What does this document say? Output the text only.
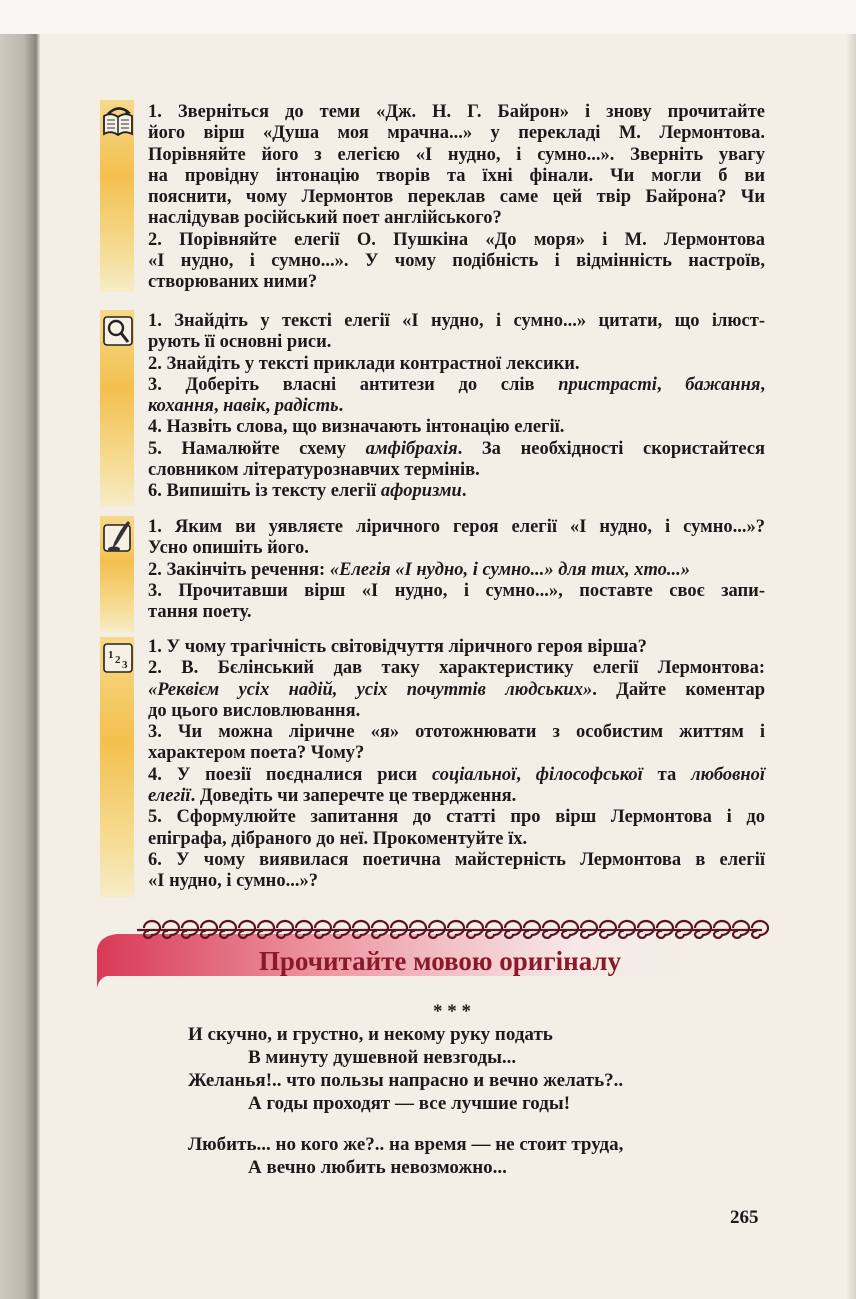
1 2 3
1. Зверніться до теми «Дж. Н. Г. Байрон» і знову прочитайте
його вірш «Душа моя мрачна...» у перекладі М. Лермонтова.
Порівняйте його з елегією «І нудно, і сумно...». Зверніть увагу
на провідну інтонацію творів та їхні фінали. Чи могли б ви
пояснити, чому Лермонтов переклав саме цей твір Байрона? Чи
наслідував російський поет англійського?
2. Порівняйте елегії О. Пушкіна «До моря» і М. Лермонтова
«І нудно, і сумно...». У чому подібність і відмінність настроїв,
створюваних ними?
1. Знайдіть у тексті елегії «І нудно, і сумно...» цитати, що ілюст-
рують її основні риси.
2. Знайдіть у тексті приклади контрастної лексики.
3. Доберіть власні антитези до слів пристрасті, бажання,
кохання, навік, радість.
4. Назвіть слова, що визначають інтонацію елегії.
5. Намалюйте схему амфібрахія. За необхідності скористайтеся
словником літературознавчих термінів.
6. Випишіть із тексту елегії афоризми.
1. Яким ви уявляєте ліричного героя елегії «І нудно, і сумно...»?
Усно опишіть його.
2. Закінчіть речення: «Елегія «І нудно, і сумно...» для тих, хто...»
3. Прочитавши вірш «І нудно, і сумно...», поставте своє запи-
тання поету.
1. У чому трагічність світовідчуття ліричного героя вірша?
2. В. Бєлінський дав таку характеристику елегії Лермонтова:
«Реквієм усіх надій, усіх почуттів людських». Дайте коментар
до цього висловлювання.
3. Чи можна ліричне «я» ототожнювати з особистим життям і
характером поета? Чому?
4. У поезії поєдналися риси соціальної, філософської та любовної
елегії. Доведіть чи заперечте це твердження.
5. Сформулюйте запитання до статті про вірш Лермонтова і до
епіграфа, дібраного до неї. Прокоментуйте їх.
6. У чому виявилася поетична майстерність Лермонтова в елегії
«І нудно, і сумно...»?
Прочитайте мовою оригіналу
* * *
И скучно, и грустно, и некому руку подать
В минуту душевной невзгоды...
Желанья!.. что пользы напрасно и вечно желать?..
А годы проходят — все лучшие годы!
Любить... но кого же?.. на время — не стоит труда,
А вечно любить невозможно...
265
